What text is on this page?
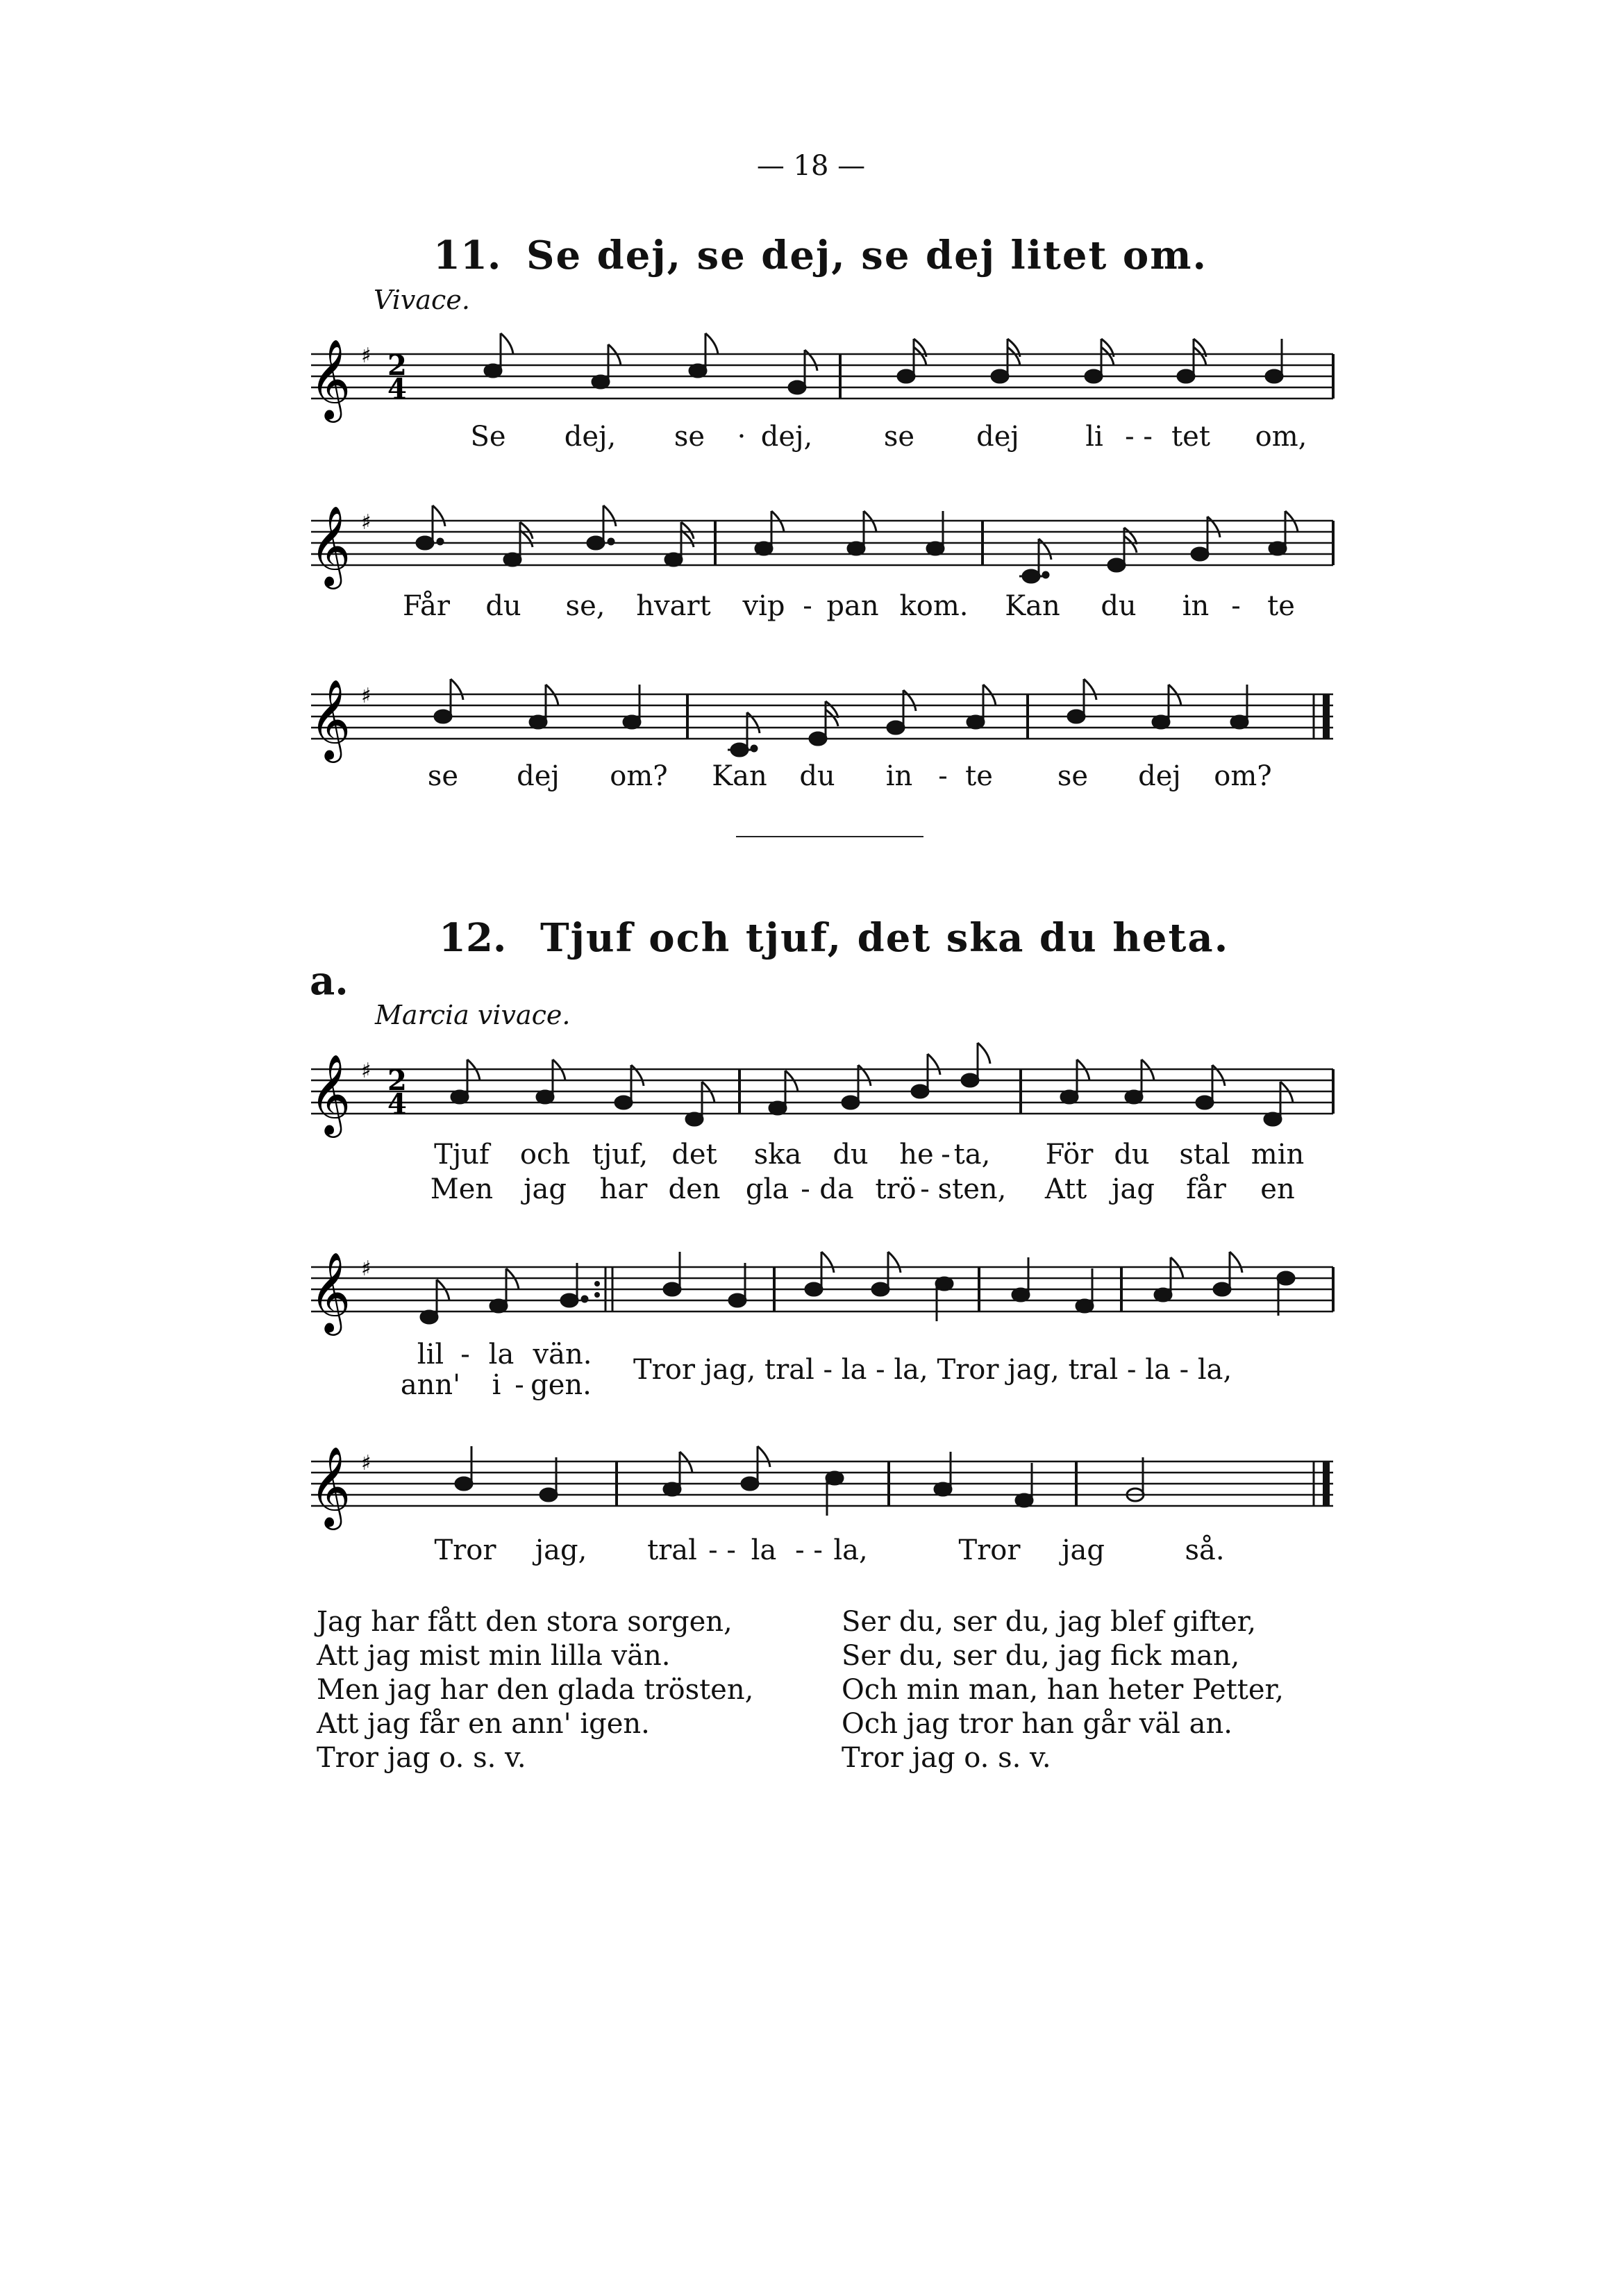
— 18 —
11. Se dej, se dej, se dej litet om.
Vivace.
𝄞 ♯ 2
4
Se dej, se · dej,	se dej li - - tet om,
𝄞 ♯
Får du se, hvart vip - pan kom. Kan du in - te
𝄞 ♯
se dej om? Kan du in - te se dej om?
12. Tjuf och tjuf, det ska du heta.
a.
Marcia vivace.
𝄞 ♯ 2
4
Tjuf och tjuf, det ska du he - ta, För du stal min
Men jag har den gla - da trö - sten, Att jag får en
𝄞 ♯
lil - la vän.
ann' i - gen. Tror jag, tral - la - la, Tror jag, tral - la - la,
𝄞 ♯
Tror jag, tral - - la - - la,	Tror jag	så.
Jag har fått den stora sorgen,
Att jag mist min lilla vän.
Men jag har den glada trösten,
Att jag får en ann' igen.
Tror jag o. s. v.
Ser du, ser du, jag blef gifter,
Ser du, ser du, jag fick man,
Och min man, han heter Petter,
Och jag tror han går väl an.
Tror jag o. s. v.
